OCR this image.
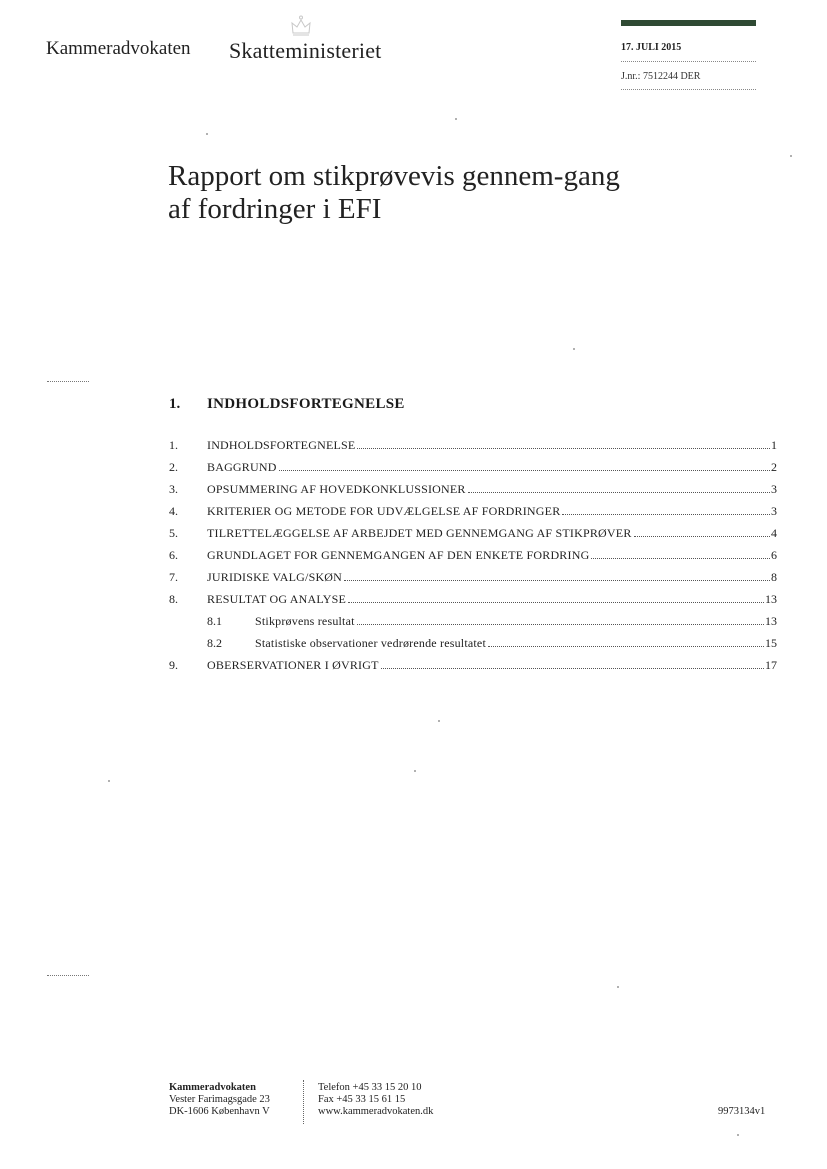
Kammeradvokaten Skatteministeriet	17. JULI 2015
J.nr.: 7512244 DER
Rapport om stikprøvevis gennem-gang af fordringer i EFI
1. INDHOLDSFORTEGNELSE
1.	INDHOLDSFORTEGNELSE	1
2.	BAGGRUND	2
3.	OPSUMMERING AF HOVEDKONKLUSSIONER	3
4.	KRITERIER OG METODE FOR UDVÆLGELSE AF FORDRINGER	3
5.	TILRETTELÆGGELSE AF ARBEJDET MED GENNEMGANG AF STIKPRØVER	4
6.	GRUNDLAGET FOR GENNEMGANGEN AF DEN ENKETE FORDRING	6
7.	JURIDISKE VALG/SKØN	8
8.	RESULTAT OG ANALYSE	13
8.1	Stikprøvens resultat	13
8.2	Statistiske observationer vedrørende resultatet	15
9.	OBERSERVATIONER I ØVRIGT	17
Kammeradvokaten
Vester Farimagsgade 23
DK-1606 København V
Telefon +45 33 15 20 10
Fax +45 33 15 61 15
www.kammeradvokaten.dk	9973134v1
